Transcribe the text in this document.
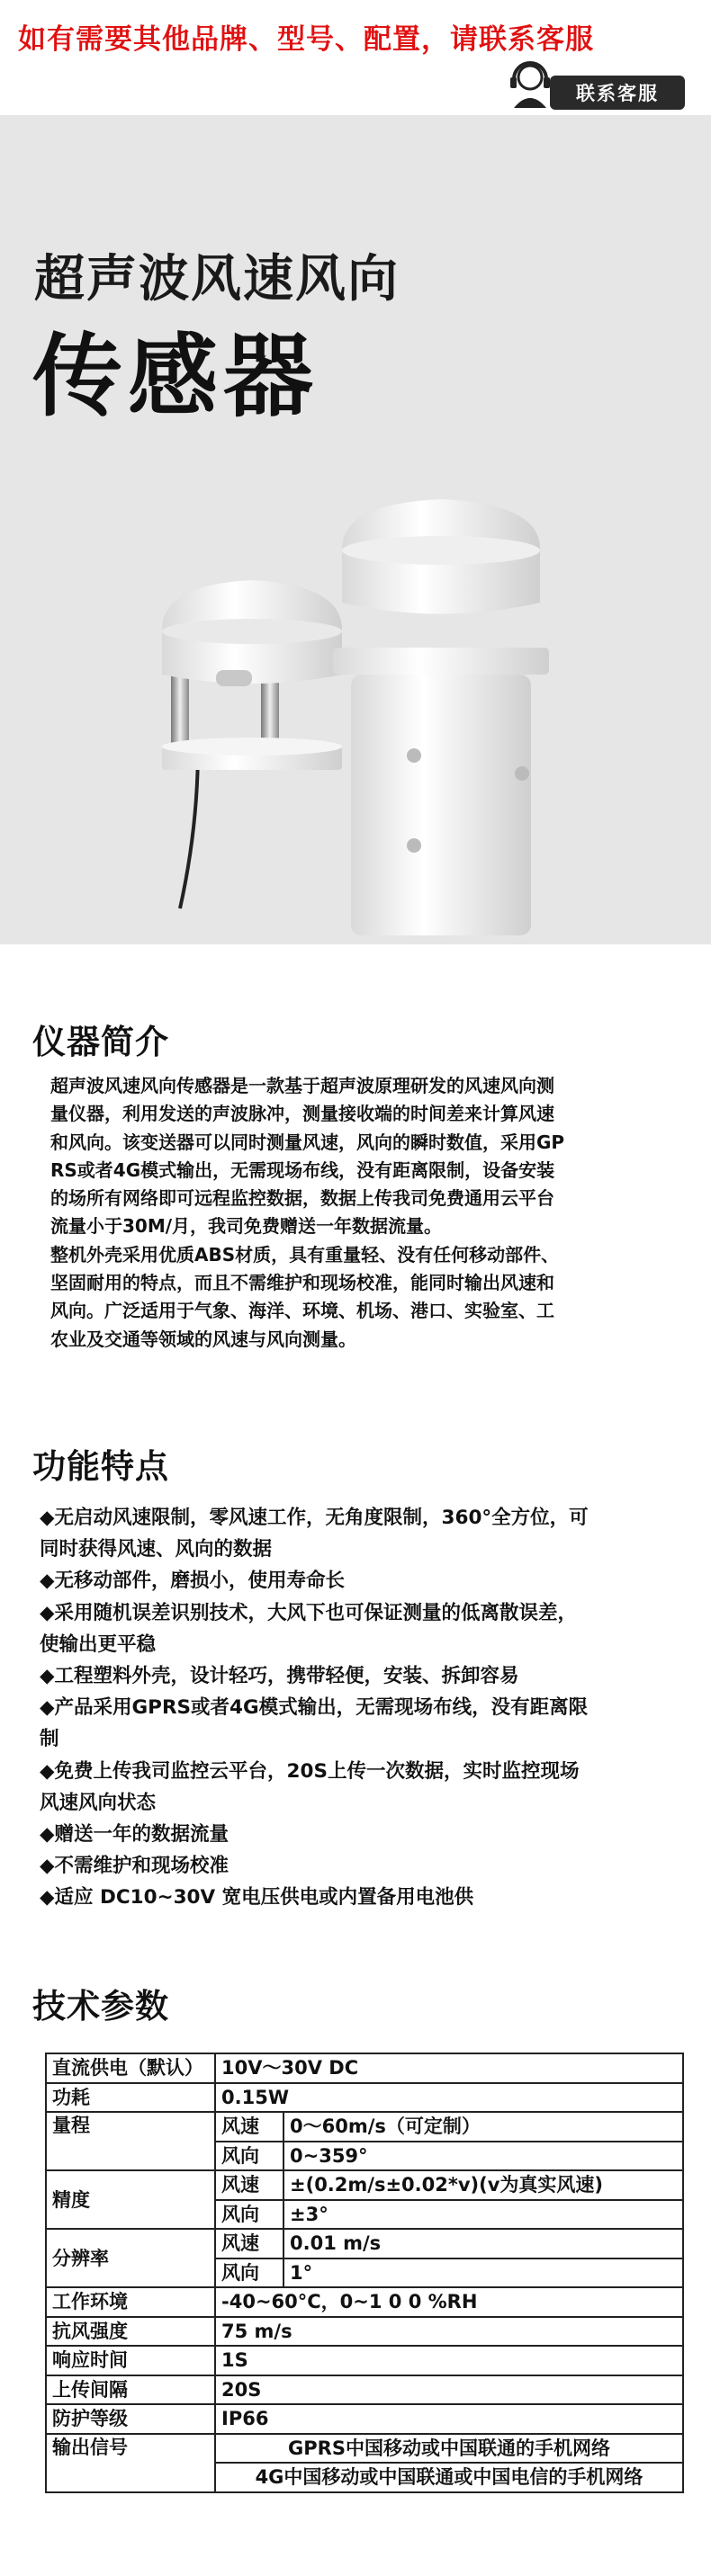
如有需要其他品牌、型号、配置，请联系客服
联系客服
超声波风速风向
传感器
仪器简介

超声波风速风向传感器是一款基于超声波原理研发的风速风向测

量仪器，利用发送的声波脉冲，测量接收端的时间差来计算风速

和风向。该变送器可以同时测量风速，风向的瞬时数值，采用GP

RS或者4G模式输出，无需现场布线，没有距离限制，设备安装

的场所有网络即可远程监控数据，数据上传我司免费通用云平台

流量小于30M/月，我司免费赠送一年数据流量。

整机外壳采用优质ABS材质，具有重量轻、没有任何移动部件、

坚固耐用的特点，而且不需维护和现场校准，能同时输出风速和

风向。广泛适用于气象、海洋、环境、机场、港口、实验室、工

农业及交通等领域的风速与风向测量。

功能特点

◆无启动风速限制，零风速工作，无角度限制，360°全方位，可

同时获得风速、风向的数据

◆无移动部件，磨损小，使用寿命长

◆采用随机误差识别技术，大风下也可保证测量的低离散误差，

使输出更平稳

◆工程塑料外壳，设计轻巧，携带轻便，安装、拆卸容易

◆产品采用GPRS或者4G模式输出，无需现场布线，没有距离限

制

◆免费上传我司监控云平台，20S上传一次数据，实时监控现场

风速风向状态

◆赠送一年的数据流量

◆不需维护和现场校准

◆适应 DC10~30V 宽电压供电或内置备用电池供

技术参数
直流供电（默认）	10V～30V DC	
功耗	0.15W	
量程	风速	0～60m/s（可定制）
	风向	0~359°
精度	风速	±(0.2m/s±0.02*v)(v为真实风速)
	风向	±3°
分辨率	风速	0.01 m/s
	风向	1°
工作环境	-40~60°C，0~1 0 0 %RH	
抗风强度	75 m/s	
响应时间	1S	
上传间隔	20S	
防护等级	IP66	
输出信号	GPRS中国移动或中国联通的手机网络	
	4G中国移动或中国联通或中国电信的手机网络	
